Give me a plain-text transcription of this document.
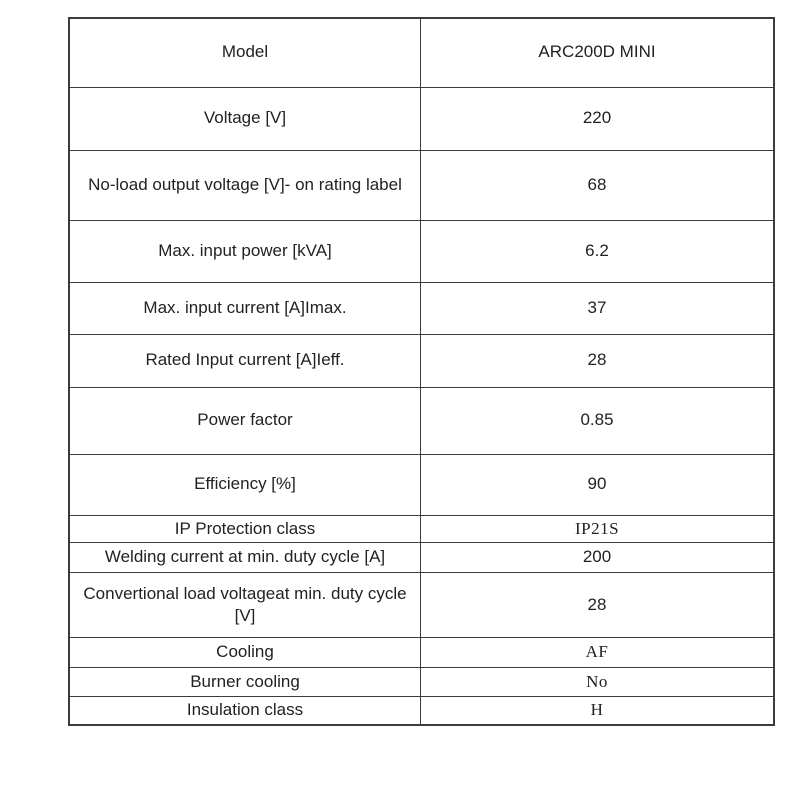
Model	ARC200D MINI
Voltage [V]	220
No-load output voltage [V]- on rating label	68
Max. input power [kVA]	6.2
Max. input current [A]Imax.	37
Rated Input current [A]Ieff.	28
Power factor	0.85
Efficiency [%]	90
IP Protection class	IP21S
Welding current at min. duty cycle [A]	200
Convertional load voltageat min. duty cycle [V]	28
Cooling	AF
Burner cooling	No
Insulation class	H
